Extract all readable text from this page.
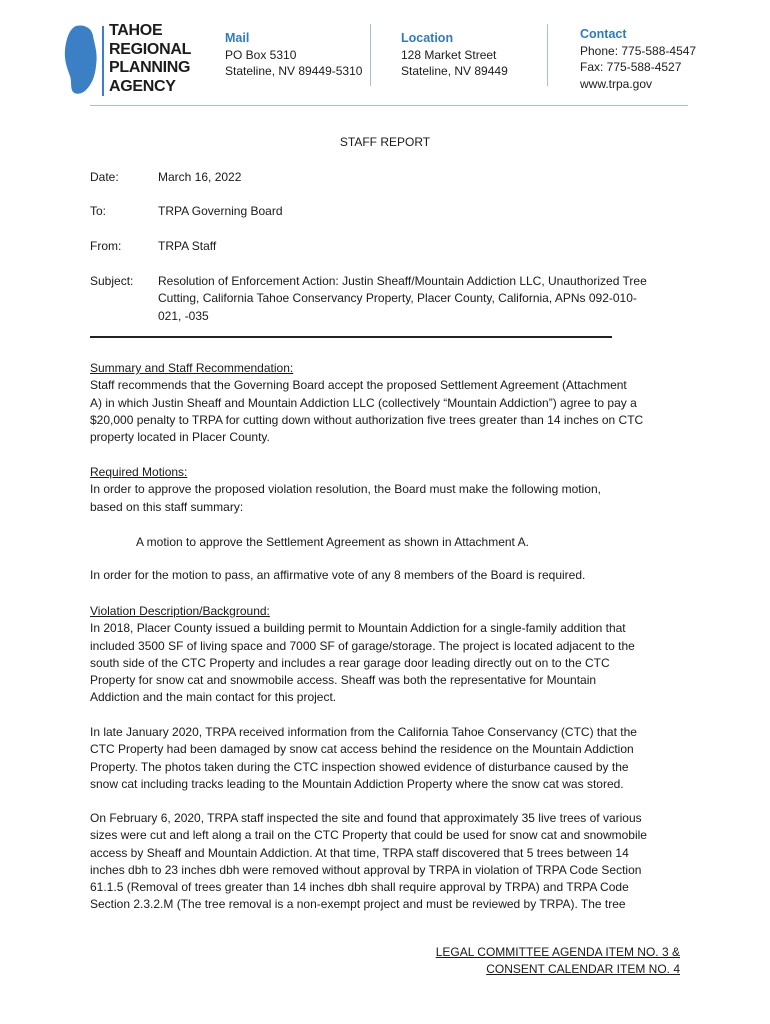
TAHOE
REGIONAL
PLANNING
AGENCY
Mail
PO Box 5310
Stateline, NV 89449-5310
Location
128 Market Street
Stateline, NV 89449
Contact
Phone: 775-588-4547
Fax: 775-588-4527
www.trpa.gov
STAFF REPORT
Date:	March 16, 2022
To:	TRPA Governing Board
From:	TRPA Staff
Subject: Resolution of Enforcement Action: Justin Sheaff/Mountain Addiction LLC, Unauthorized Tree
Cutting, California Tahoe Conservancy Property, Placer County, California, APNs 092-010-
021, -035
Summary and Staff Recommendation:
Staff recommends that the Governing Board accept the proposed Settlement Agreement (Attachment
A) in which Justin Sheaff and Mountain Addiction LLC (collectively “Mountain Addiction”) agree to pay a
$20,000 penalty to TRPA for cutting down without authorization five trees greater than 14 inches on CTC
property located in Placer County.
Required Motions:
In order to approve the proposed violation resolution, the Board must make the following motion,
based on this staff summary:
A motion to approve the Settlement Agreement as shown in Attachment A.
In order for the motion to pass, an affirmative vote of any 8 members of the Board is required.
Violation Description/Background:
In 2018, Placer County issued a building permit to Mountain Addiction for a single-family addition that
included 3500 SF of living space and 7000 SF of garage/storage. The project is located adjacent to the
south side of the CTC Property and includes a rear garage door leading directly out on to the CTC
Property for snow cat and snowmobile access. Sheaff was both the representative for Mountain
Addiction and the main contact for this project.
In late January 2020, TRPA received information from the California Tahoe Conservancy (CTC) that the
CTC Property had been damaged by snow cat access behind the residence on the Mountain Addiction
Property. The photos taken during the CTC inspection showed evidence of disturbance caused by the
snow cat including tracks leading to the Mountain Addiction Property where the snow cat was stored.
On February 6, 2020, TRPA staff inspected the site and found that approximately 35 live trees of various
sizes were cut and left along a trail on the CTC Property that could be used for snow cat and snowmobile
access by Sheaff and Mountain Addiction. At that time, TRPA staff discovered that 5 trees between 14
inches dbh to 23 inches dbh were removed without approval by TRPA in violation of TRPA Code Section
61.1.5 (Removal of trees greater than 14 inches dbh shall require approval by TRPA) and TRPA Code
Section 2.3.2.M (The tree removal is a non-exempt project and must be reviewed by TRPA). The tree
LEGAL COMMITTEE AGENDA ITEM NO. 3 &
CONSENT CALENDAR ITEM NO. 4
